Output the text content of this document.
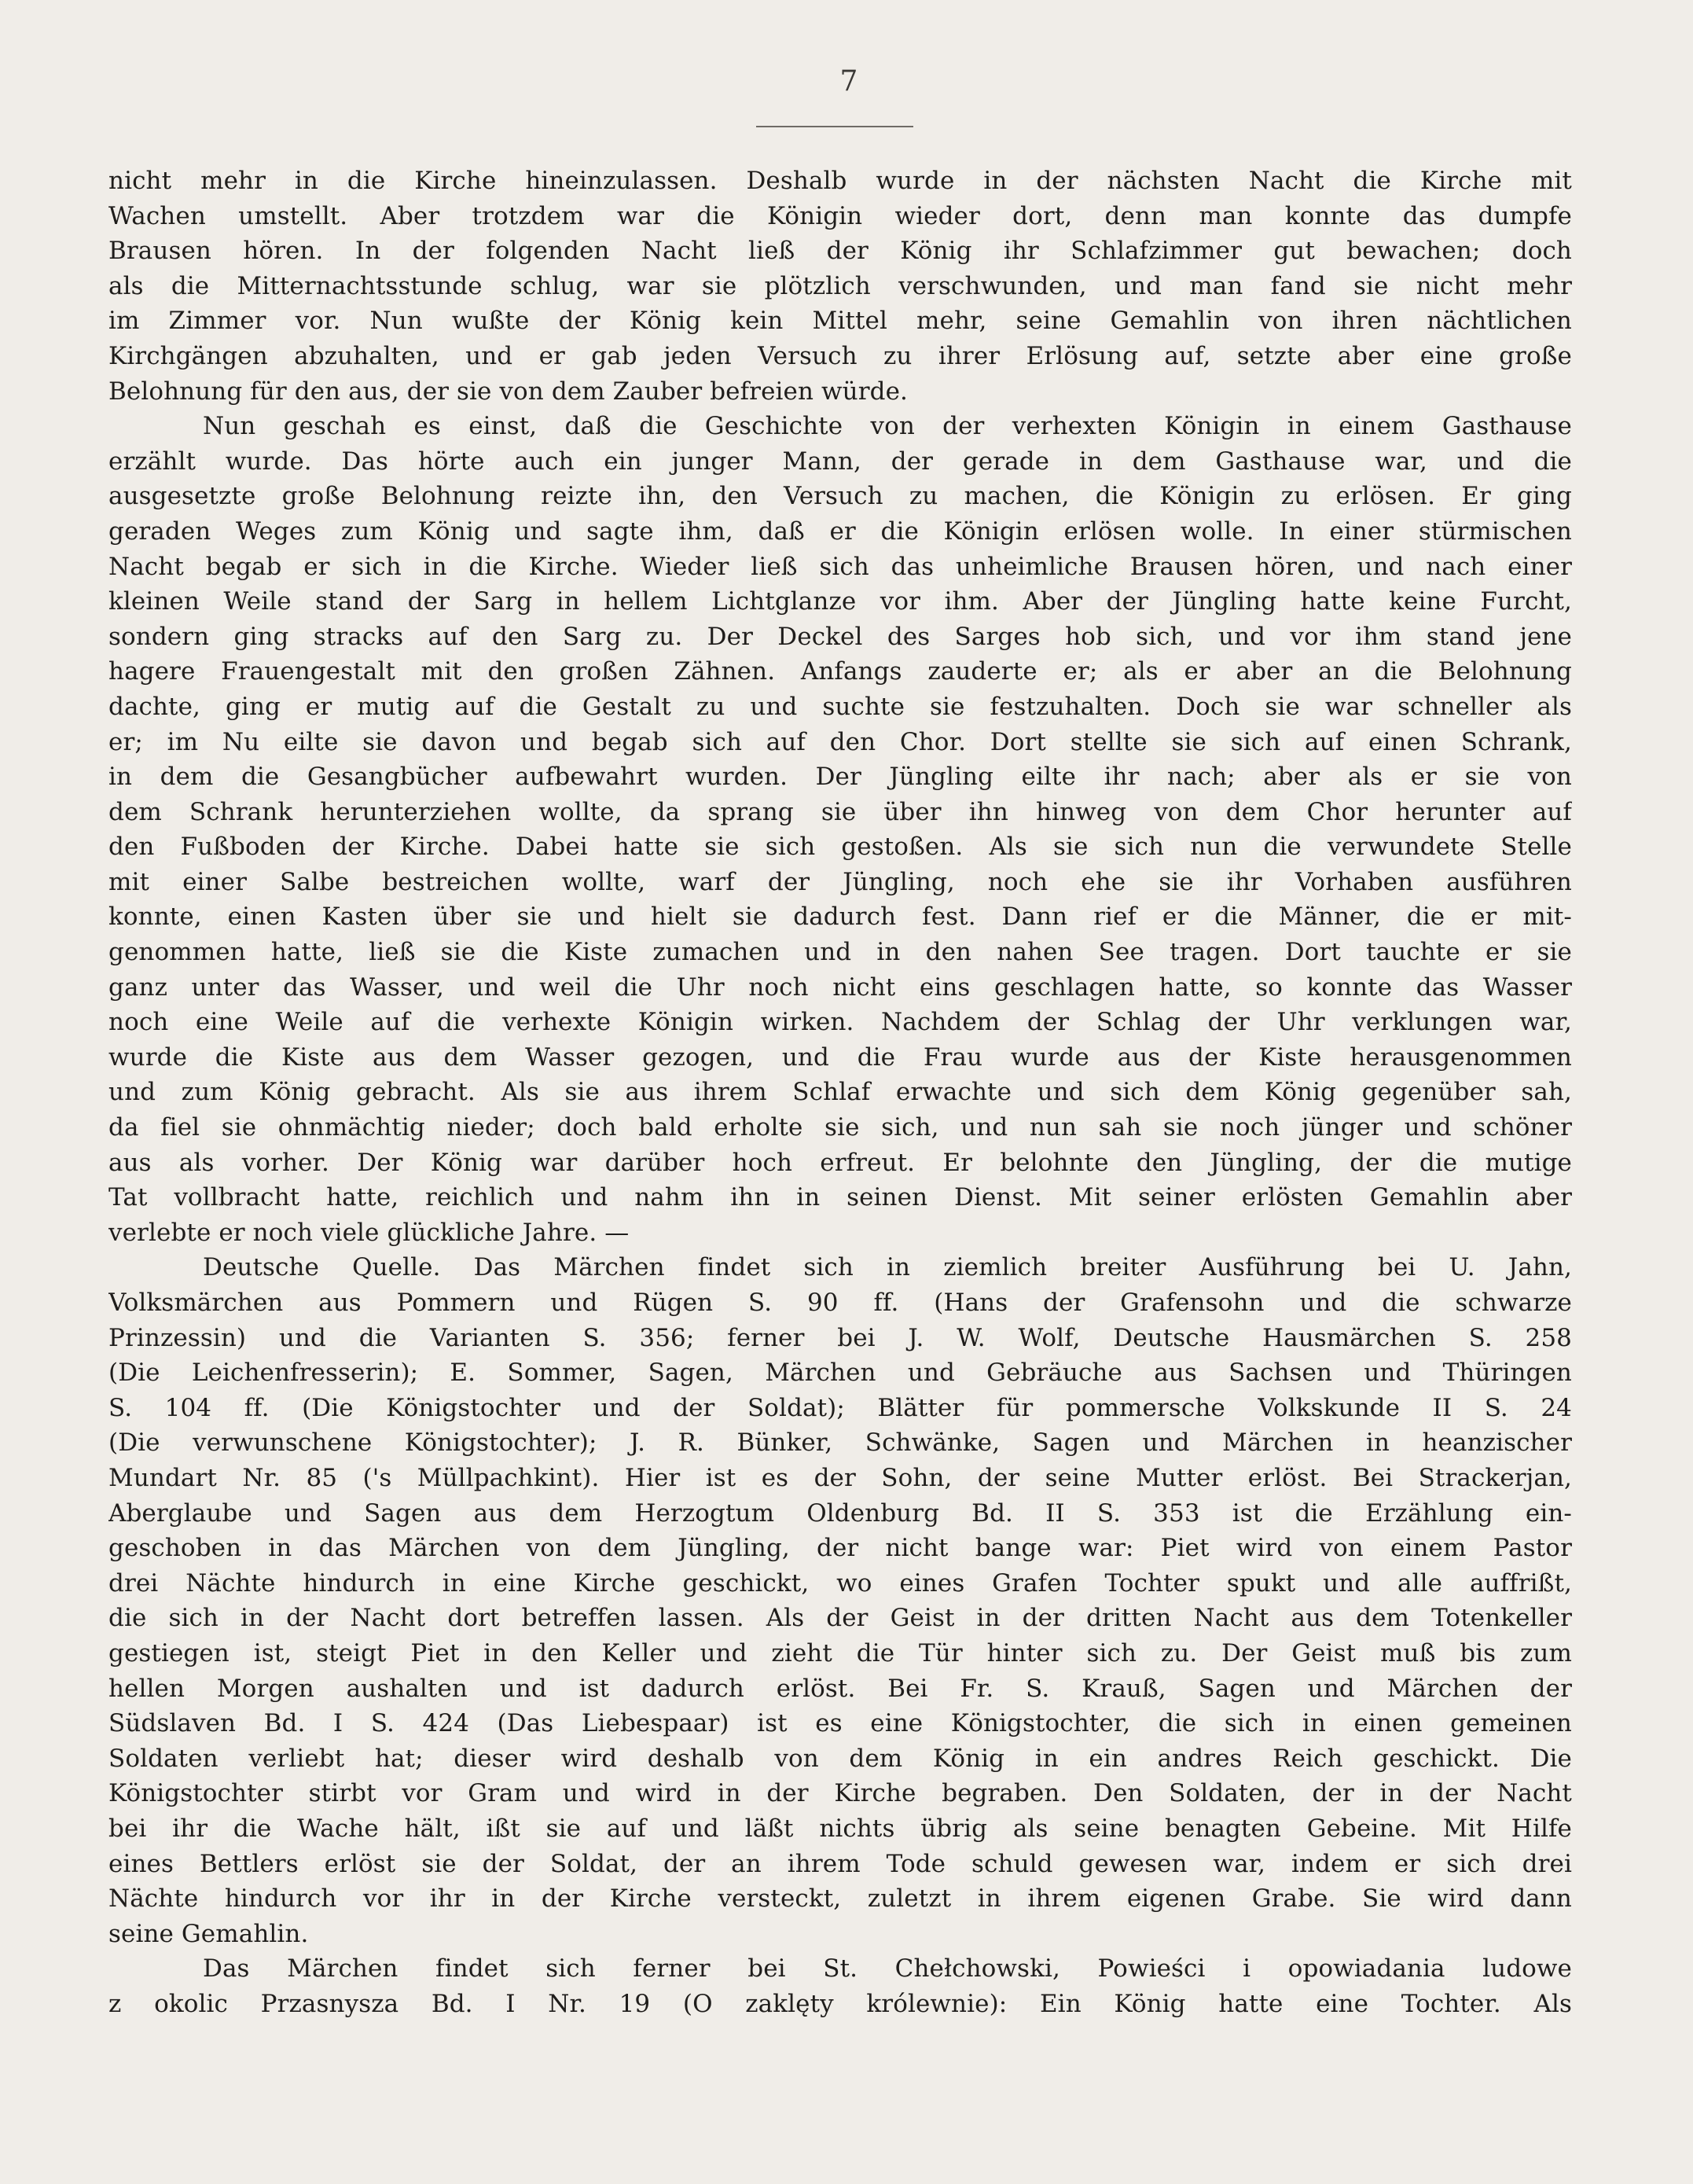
7
nicht mehr in die Kirche hineinzulassen. Deshalb wurde in der nächsten Nacht die Kirche mit
Wachen umstellt. Aber trotzdem war die Königin wieder dort, denn man konnte das dumpfe
Brausen hören. In der folgenden Nacht ließ der König ihr Schlafzimmer gut bewachen; doch
als die Mitternachtsstunde schlug, war sie plötzlich verschwunden, und man fand sie nicht mehr
im Zimmer vor. Nun wußte der König kein Mittel mehr, seine Gemahlin von ihren nächtlichen
Kirchgängen abzuhalten, und er gab jeden Versuch zu ihrer Erlösung auf, setzte aber eine große
Belohnung für den aus, der sie von dem Zauber befreien würde.
Nun geschah es einst, daß die Geschichte von der verhexten Königin in einem Gasthause
erzählt wurde. Das hörte auch ein junger Mann, der gerade in dem Gasthause war, und die
ausgesetzte große Belohnung reizte ihn, den Versuch zu machen, die Königin zu erlösen. Er ging
geraden Weges zum König und sagte ihm, daß er die Königin erlösen wolle. In einer stürmischen
Nacht begab er sich in die Kirche. Wieder ließ sich das unheimliche Brausen hören, und nach einer
kleinen Weile stand der Sarg in hellem Lichtglanze vor ihm. Aber der Jüngling hatte keine Furcht,
sondern ging stracks auf den Sarg zu. Der Deckel des Sarges hob sich, und vor ihm stand jene
hagere Frauengestalt mit den großen Zähnen. Anfangs zauderte er; als er aber an die Belohnung
dachte, ging er mutig auf die Gestalt zu und suchte sie festzuhalten. Doch sie war schneller als
er; im Nu eilte sie davon und begab sich auf den Chor. Dort stellte sie sich auf einen Schrank,
in dem die Gesangbücher aufbewahrt wurden. Der Jüngling eilte ihr nach; aber als er sie von
dem Schrank herunterziehen wollte, da sprang sie über ihn hinweg von dem Chor herunter auf
den Fußboden der Kirche. Dabei hatte sie sich gestoßen. Als sie sich nun die verwundete Stelle
mit einer Salbe bestreichen wollte, warf der Jüngling, noch ehe sie ihr Vorhaben ausführen
konnte, einen Kasten über sie und hielt sie dadurch fest. Dann rief er die Männer, die er mit-
genommen hatte, ließ sie die Kiste zumachen und in den nahen See tragen. Dort tauchte er sie
ganz unter das Wasser, und weil die Uhr noch nicht eins geschlagen hatte, so konnte das Wasser
noch eine Weile auf die verhexte Königin wirken. Nachdem der Schlag der Uhr verklungen war,
wurde die Kiste aus dem Wasser gezogen, und die Frau wurde aus der Kiste herausgenommen
und zum König gebracht. Als sie aus ihrem Schlaf erwachte und sich dem König gegenüber sah,
da fiel sie ohnmächtig nieder; doch bald erholte sie sich, und nun sah sie noch jünger und schöner
aus als vorher. Der König war darüber hoch erfreut. Er belohnte den Jüngling, der die mutige
Tat vollbracht hatte, reichlich und nahm ihn in seinen Dienst. Mit seiner erlösten Gemahlin aber
verlebte er noch viele glückliche Jahre. —
Deutsche Quelle. Das Märchen findet sich in ziemlich breiter Ausführung bei U. Jahn,
Volksmärchen aus Pommern und Rügen S. 90 ff. (Hans der Grafensohn und die schwarze
Prinzessin) und die Varianten S. 356; ferner bei J. W. Wolf, Deutsche Hausmärchen S. 258
(Die Leichenfresserin); E. Sommer, Sagen, Märchen und Gebräuche aus Sachsen und Thüringen
S. 104 ff. (Die Königstochter und der Soldat); Blätter für pommersche Volkskunde II S. 24
(Die verwunschene Königstochter); J. R. Bünker, Schwänke, Sagen und Märchen in heanzischer
Mundart Nr. 85 ('s Müllpachkint). Hier ist es der Sohn, der seine Mutter erlöst. Bei Strackerjan,
Aberglaube und Sagen aus dem Herzogtum Oldenburg Bd. II S. 353 ist die Erzählung ein-
geschoben in das Märchen von dem Jüngling, der nicht bange war: Piet wird von einem Pastor
drei Nächte hindurch in eine Kirche geschickt, wo eines Grafen Tochter spukt und alle auffrißt,
die sich in der Nacht dort betreffen lassen. Als der Geist in der dritten Nacht aus dem Totenkeller
gestiegen ist, steigt Piet in den Keller und zieht die Tür hinter sich zu. Der Geist muß bis zum
hellen Morgen aushalten und ist dadurch erlöst. Bei Fr. S. Krauß, Sagen und Märchen der
Südslaven Bd. I S. 424 (Das Liebespaar) ist es eine Königstochter, die sich in einen gemeinen
Soldaten verliebt hat; dieser wird deshalb von dem König in ein andres Reich geschickt. Die
Königstochter stirbt vor Gram und wird in der Kirche begraben. Den Soldaten, der in der Nacht
bei ihr die Wache hält, ißt sie auf und läßt nichts übrig als seine benagten Gebeine. Mit Hilfe
eines Bettlers erlöst sie der Soldat, der an ihrem Tode schuld gewesen war, indem er sich drei
Nächte hindurch vor ihr in der Kirche versteckt, zuletzt in ihrem eigenen Grabe. Sie wird dann
seine Gemahlin.
Das Märchen findet sich ferner bei St. Chełchowski, Powieści i opowiadania ludowe
z okolic Przasnysza Bd. I Nr. 19 (O zaklęty królewnie): Ein König hatte eine Tochter. Als
